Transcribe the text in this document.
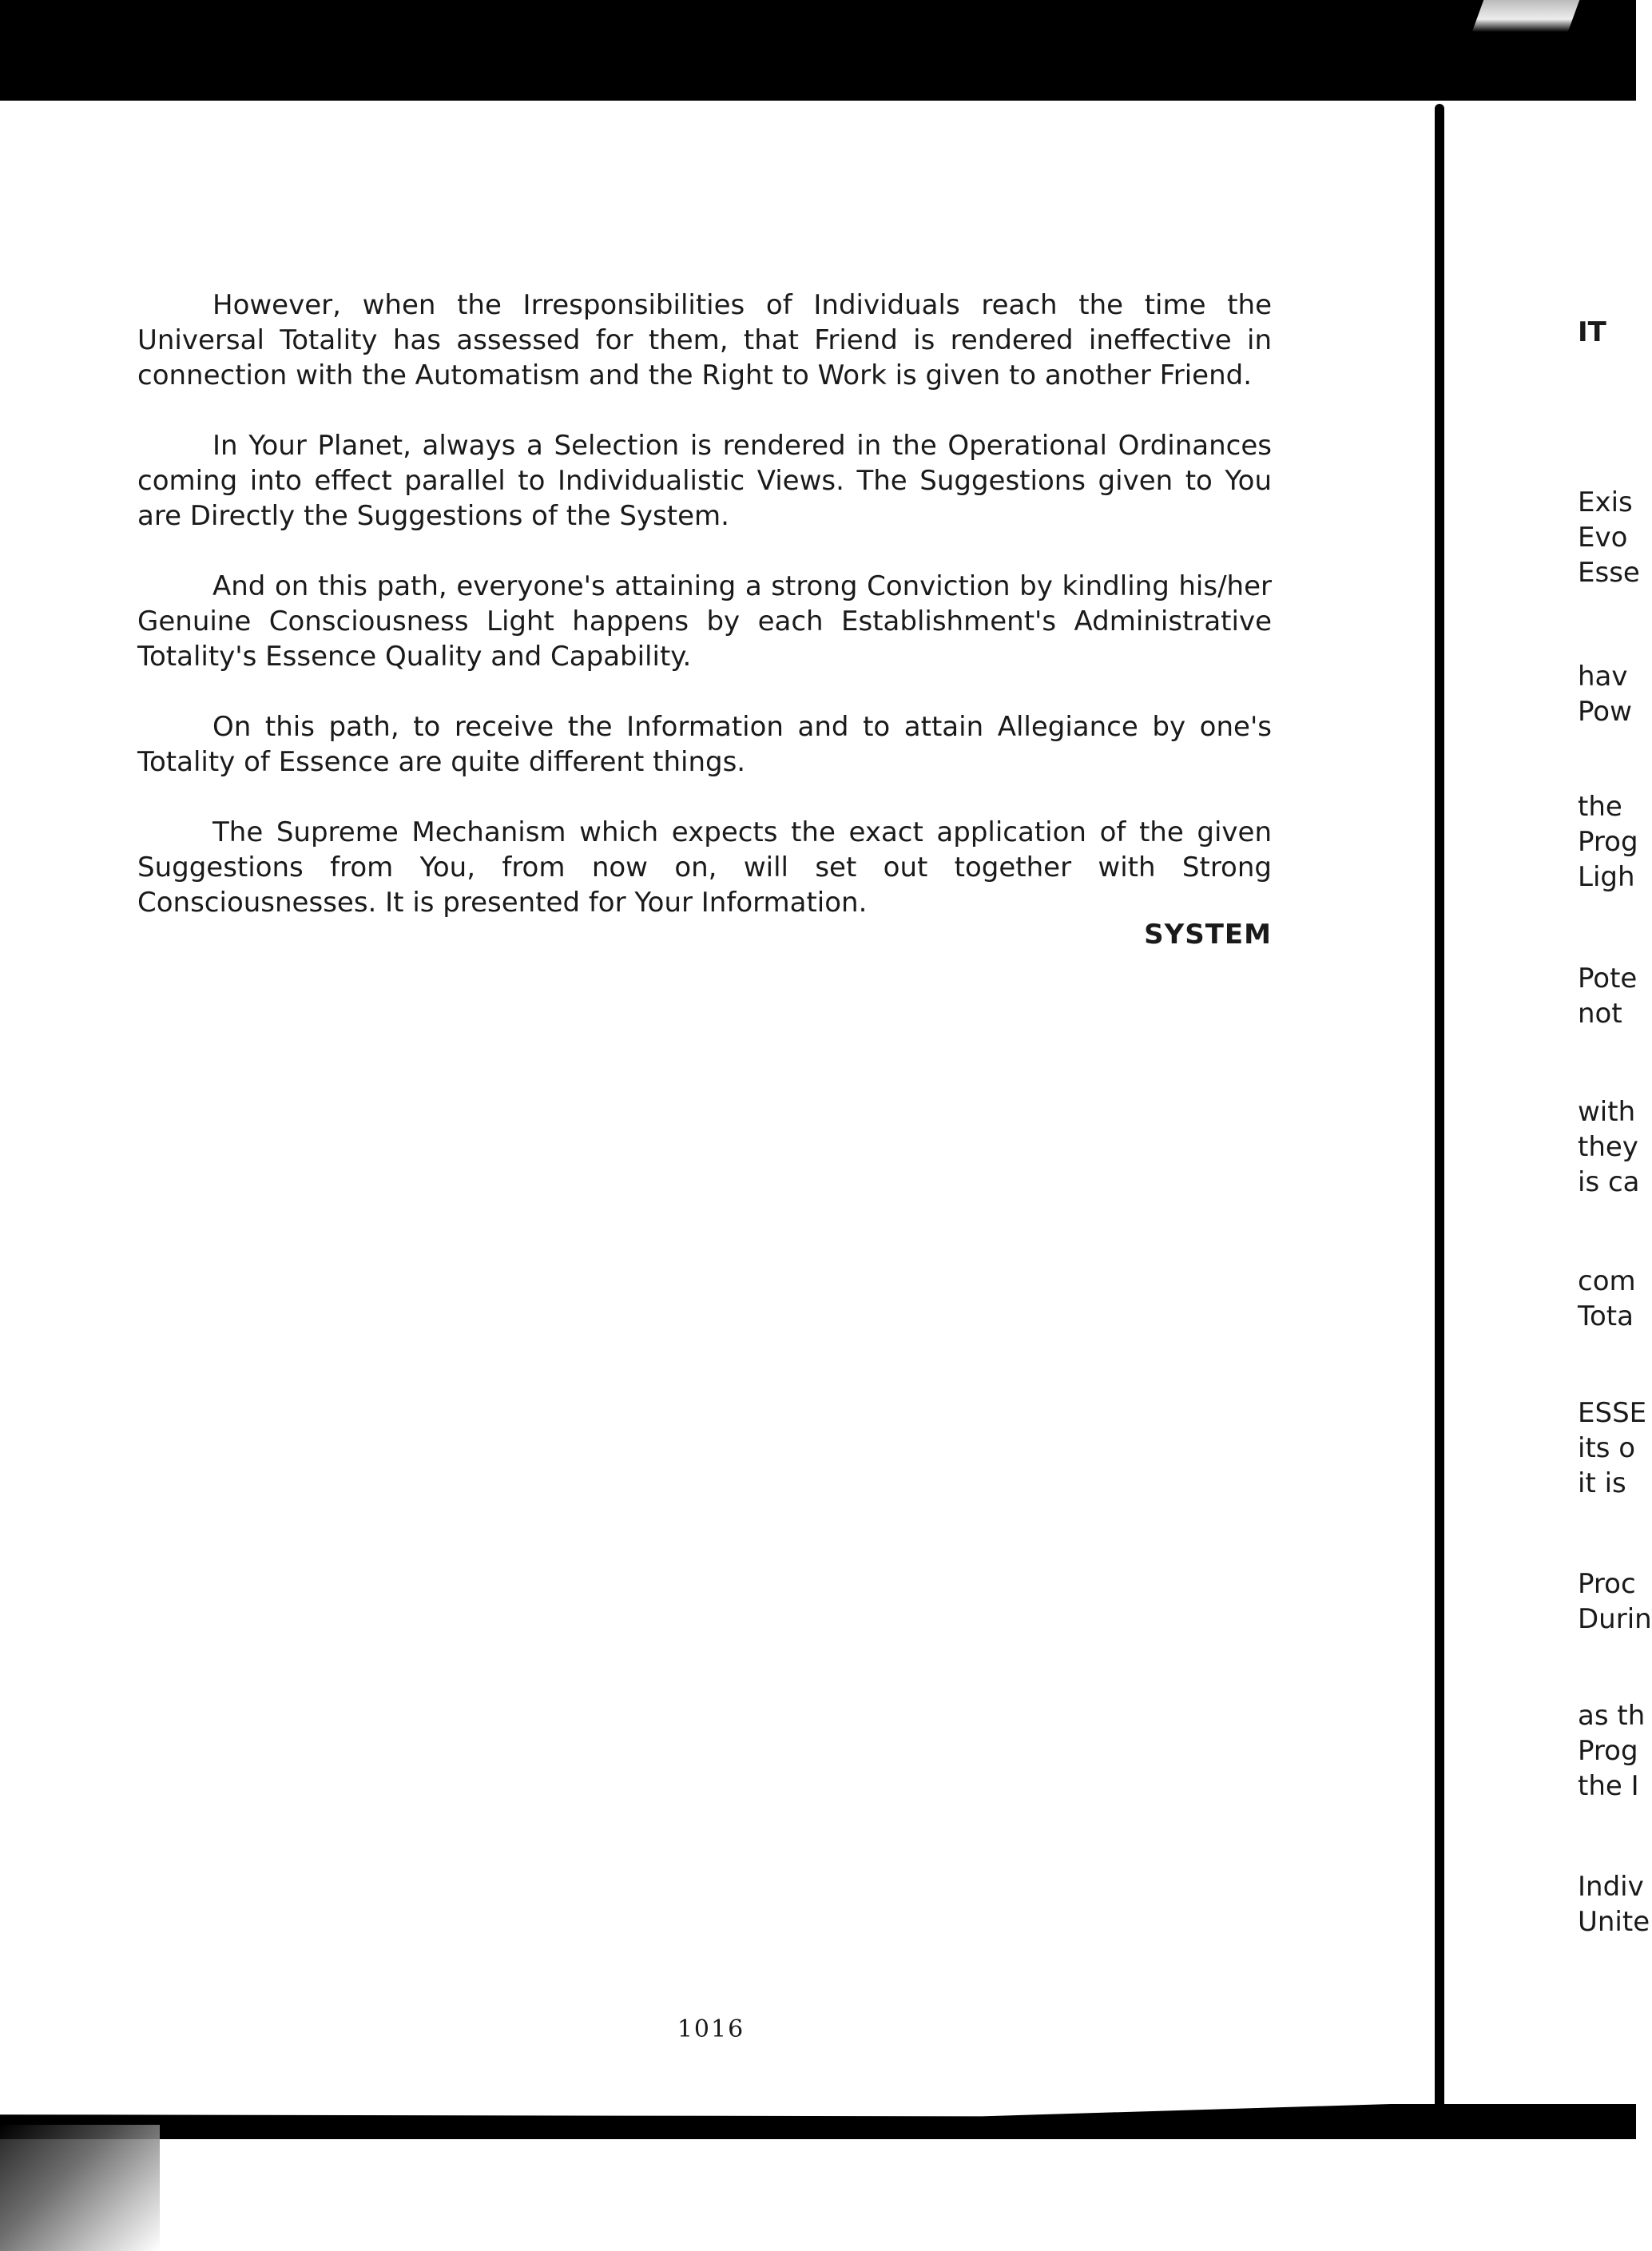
However, when the Irresponsibilities of Individuals reach the time the Universal Totality has assessed for them, that Friend is rendered ineffective in connection with the Automatism and the Right to Work is given to another Friend.

In Your Planet, always a Selection is rendered in the Operational Ordinances coming into effect parallel to Individualistic Views. The Suggestions given to You are Directly the Suggestions of the System.

And on this path, everyone's attaining a strong Conviction by kindling his/her Genuine Consciousness Light happens by each Establishment's Administrative Totality's Essence Quality and Capability.

On this path, to receive the Information and to attain Allegiance by one's Totality of Essence are quite different things.

The Supreme Mechanism which expects the exact application of the given Suggestions from You, from now on, will set out together with Strong Consciousnesses. It is presented for Your Information.

SYSTEM
1016
IT
Exis
Evo
Esse
hav
Pow
the
Prog
Ligh
Pote
not
with
they
is ca
com
Tota
ESSE
its o
it is
Proc
Durin
as th
Prog
the I
Indiv
Unite
